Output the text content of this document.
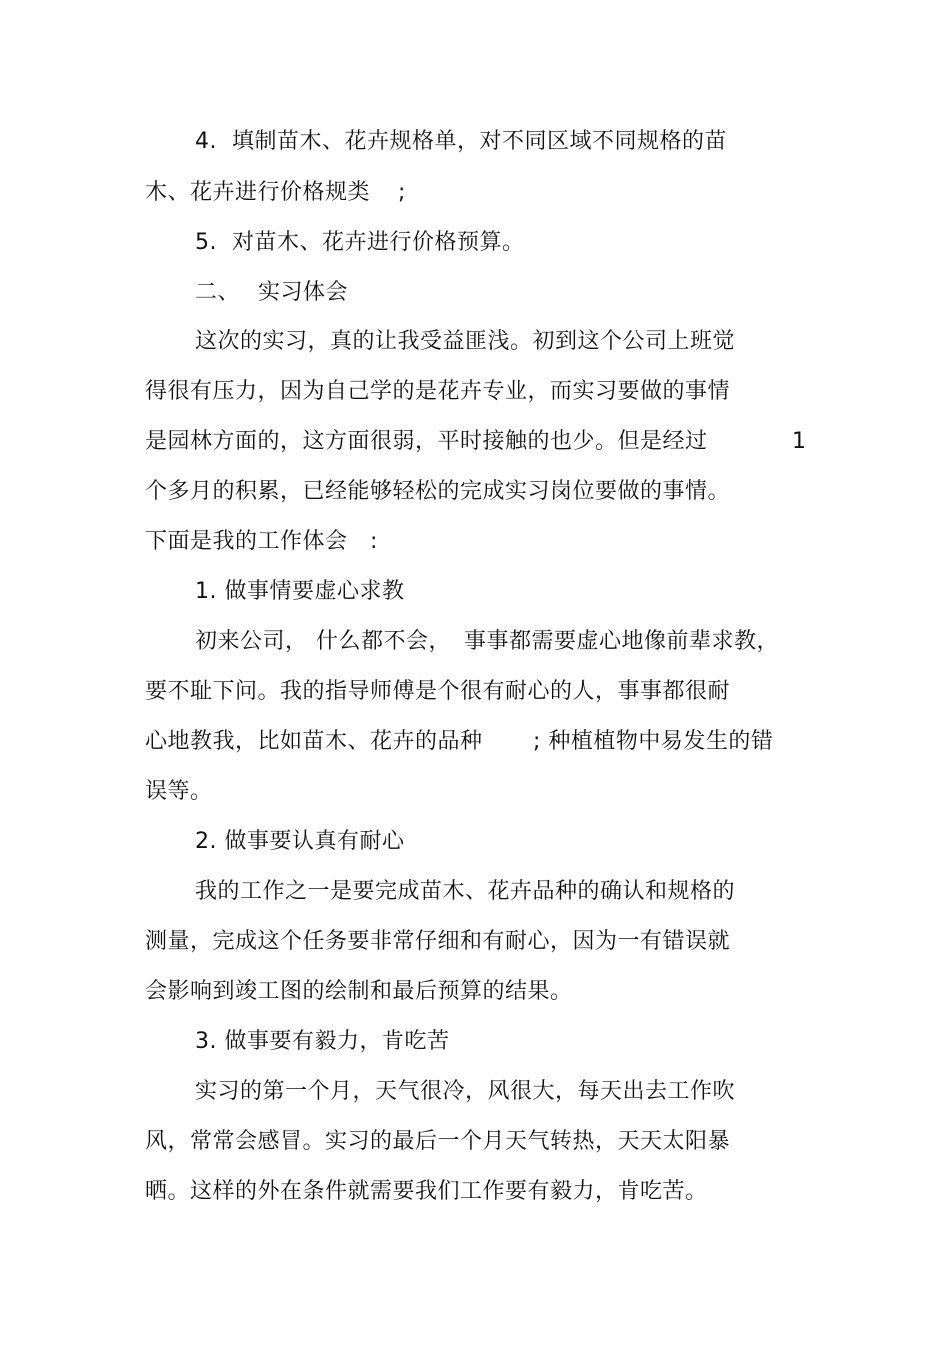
4.  填制苗木、花卉规格单，对不同区域不同规格的苗
木、花卉进行价格规类 ;
5.  对苗木、花卉进行价格预算。
二、 实习体会
这次的实习，真的让我受益匪浅。初到这个公司上班觉
得很有压力，因为自己学的是花卉专业，而实习要做的事情
是园林方面的，这方面很弱，平时接触的也少。但是经过	1
个多月的积累，已经能够轻松的完成实习岗位要做的事情。
下面是我的工作体会 :
1. 做事情要虚心求教
初来公司， 什么都不会， 事事都需要虚心地像前辈求教，
要不耻下问。我的指导师傅是个很有耐心的人，事事都很耐
心地教我，比如苗木、花卉的品种 ; 种植植物中易发生的错
误等。
2. 做事要认真有耐心
我的工作之一是要完成苗木、花卉品种的确认和规格的
测量，完成这个任务要非常仔细和有耐心，因为一有错误就
会影响到竣工图的绘制和最后预算的结果。
3. 做事要有毅力，肯吃苦
实习的第一个月，天气很冷，风很大，每天出去工作吹
风，常常会感冒。实习的最后一个月天气转热，天天太阳暴
晒。这样的外在条件就需要我们工作要有毅力，肯吃苦。
